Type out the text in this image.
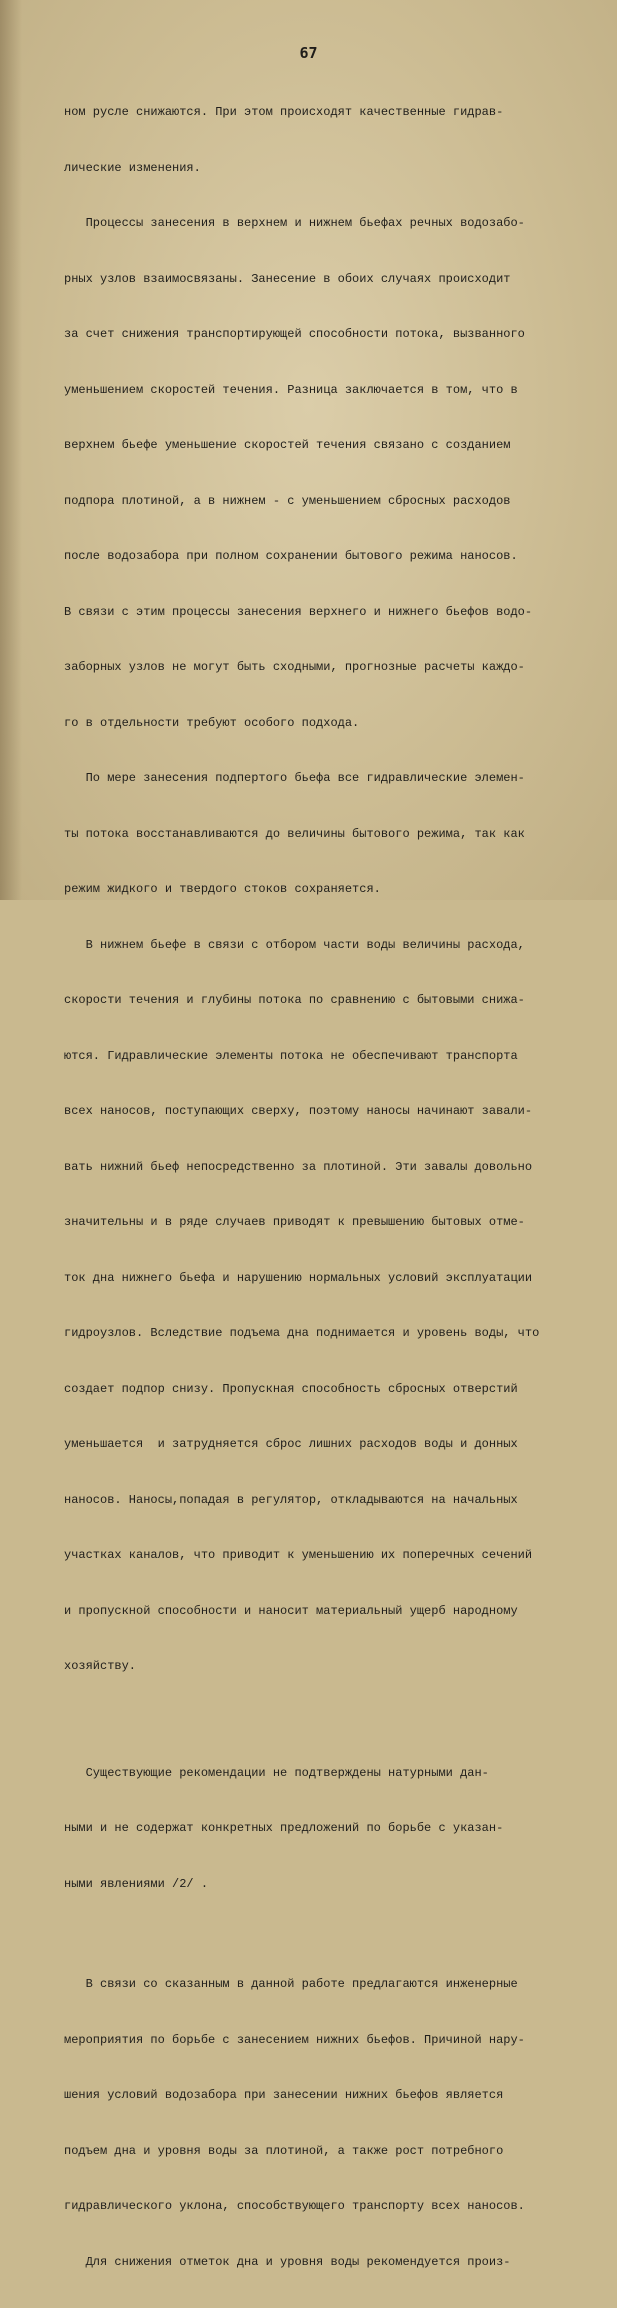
67

ном русле снижаются. При этом происходят качественные гидрав-

лические изменения.

Процессы занесения в верхнем и нижнем бьефах речных водозабо-

рных узлов взаимосвязаны. Занесение в обоих случаях происходит

за счет снижения транспортирующей способности потока, вызванного

уменьшением скоростей течения. Разница заключается в том, что в

верхнем бьефе уменьшение скоростей течения связано с созданием

подпора плотиной, а в нижнем - с уменьшением сбросных расходов

после водозабора при полном сохранении бытового режима наносов.

В связи с этим процессы занесения верхнего и нижнего бьефов водо-

заборных узлов не могут быть сходными, прогнозные расчеты каждо-

го в отдельности требуют особого подхода.

По мере занесения подпертого бьефа все гидравлические элемен-

ты потока восстанавливаются до величины бытового режима, так как

режим жидкого и твердого стоков сохраняется.

В нижнем бьефе в связи с отбором части воды величины расхода,

скорости течения и глубины потока по сравнению с бытовыми снижа-

ются. Гидравлические элементы потока не обеспечивают транспорта

всех наносов, поступающих сверху, поэтому наносы начинают завали-

вать нижний бьеф непосредственно за плотиной. Эти завалы довольно

значительны и в ряде случаев приводят к превышению бытовых отме-

ток дна нижнего бьефа и нарушению нормальных условий эксплуатации

гидроузлов. Вследствие подъема дна поднимается и уровень воды, что

создает подпор снизу. Пропускная способность сбросных отверстий

уменьшается  и затрудняется сброс лишних расходов воды и донных

наносов. Наносы,попадая в регулятор, откладываются на начальных

участках каналов, что приводит к уменьшению их поперечных сечений

и пропускной способности и наносит материальный ущерб народному

хозяйству.

Существующие рекомендации не подтверждены натурными дан-

ными и не содержат конкретных предложений по борьбе с указан-

ными явлениями /2/ .

В связи со сказанным в данной работе предлагаются инженерные

мероприятия по борьбе с занесением нижних бьефов. Причиной нару-

шения условий водозабора при занесении нижних бьефов является

подъем дна и уровня воды за плотиной, а также рост потребного

гидравлического уклона, способствующего транспорту всех наносов.

Для снижения отметок дна и уровня воды рекомендуется произ-
